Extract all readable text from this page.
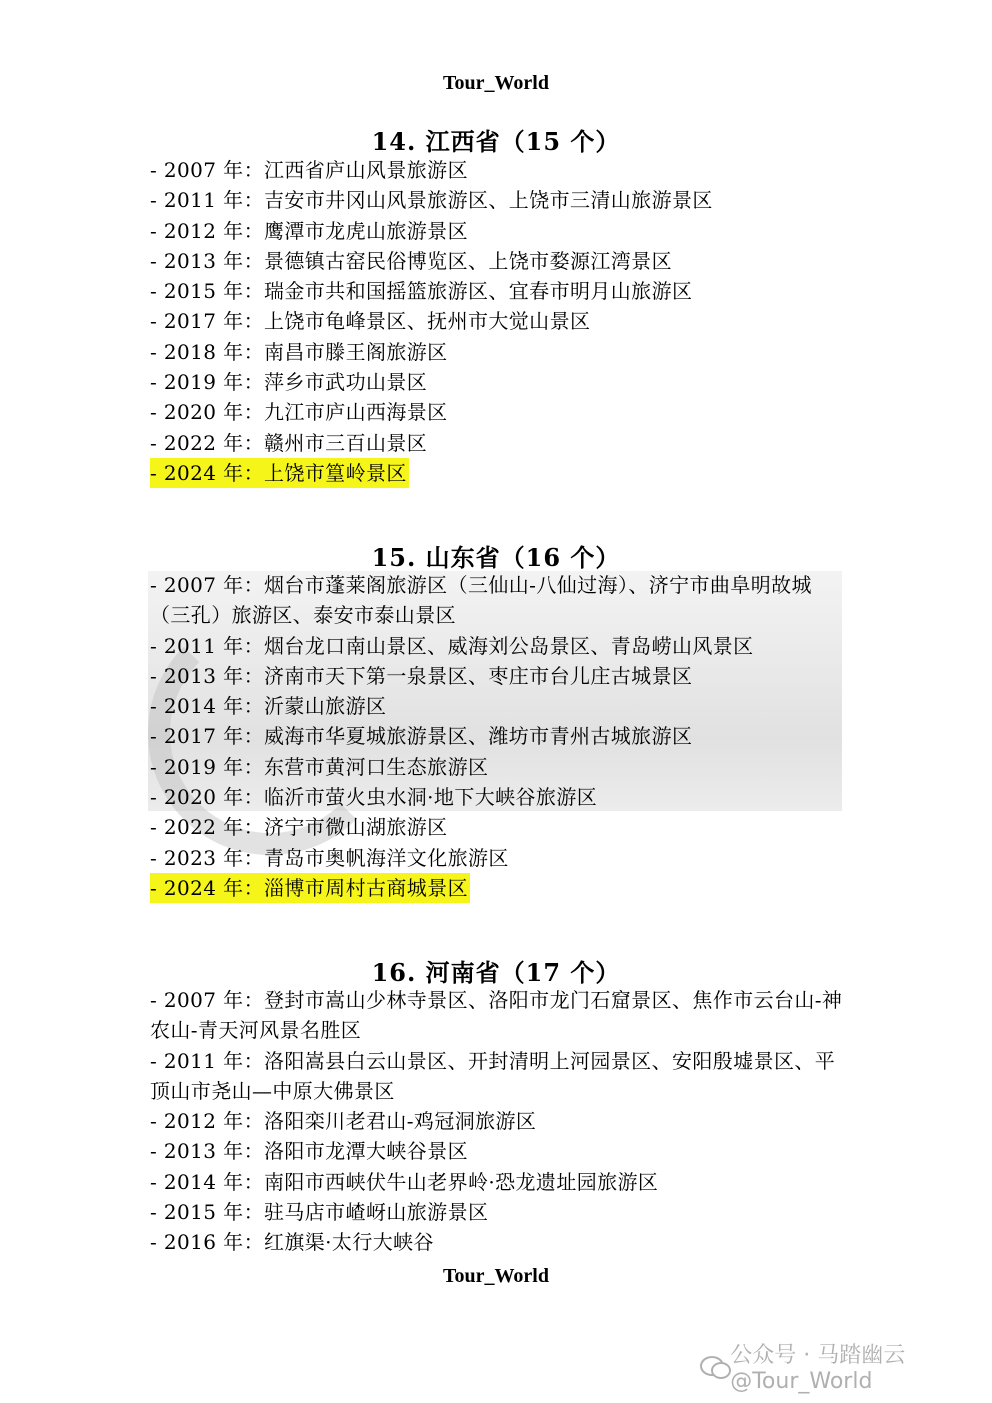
Tour_World
14. 江西省（15 个）
- 2007 年：江西省庐山风景旅游区
- 2011 年：吉安市井冈山风景旅游区、上饶市三清山旅游景区
- 2012 年：鹰潭市龙虎山旅游景区
- 2013 年：景德镇古窑民俗博览区、上饶市婺源江湾景区
- 2015 年：瑞金市共和国摇篮旅游区、宜春市明月山旅游区
- 2017 年：上饶市龟峰景区、抚州市大觉山景区
- 2018 年：南昌市滕王阁旅游区
- 2019 年：萍乡市武功山景区
- 2020 年：九江市庐山西海景区
- 2022 年：赣州市三百山景区
- 2024 年：上饶市篁岭景区
15. 山东省（16 个）
- 2007 年：烟台市蓬莱阁旅游区（三仙山-八仙过海）、济宁市曲阜明故城（三孔）旅游区、泰安市泰山景区
- 2011 年：烟台龙口南山景区、威海刘公岛景区、青岛崂山风景区
- 2013 年：济南市天下第一泉景区、枣庄市台儿庄古城景区
- 2014 年：沂蒙山旅游区
- 2017 年：威海市华夏城旅游景区、潍坊市青州古城旅游区
- 2019 年：东营市黄河口生态旅游区
- 2020 年：临沂市萤火虫水洞·地下大峡谷旅游区
- 2022 年：济宁市微山湖旅游区
- 2023 年：青岛市奥帆海洋文化旅游区
- 2024 年：淄博市周村古商城景区
16. 河南省（17 个）
- 2007 年：登封市嵩山少林寺景区、洛阳市龙门石窟景区、焦作市云台山-神农山-青天河风景名胜区
- 2011 年：洛阳嵩县白云山景区、开封清明上河园景区、安阳殷墟景区、平顶山市尧山—中原大佛景区
- 2012 年：洛阳栾川老君山-鸡冠洞旅游区
- 2013 年：洛阳市龙潭大峡谷景区
- 2014 年：南阳市西峡伏牛山老界岭·恐龙遗址园旅游区
- 2015 年：驻马店市嵖岈山旅游景区
- 2016 年：红旗渠·太行大峡谷
Tour_World
公众号 · 马踏幽云 @Tour_World
